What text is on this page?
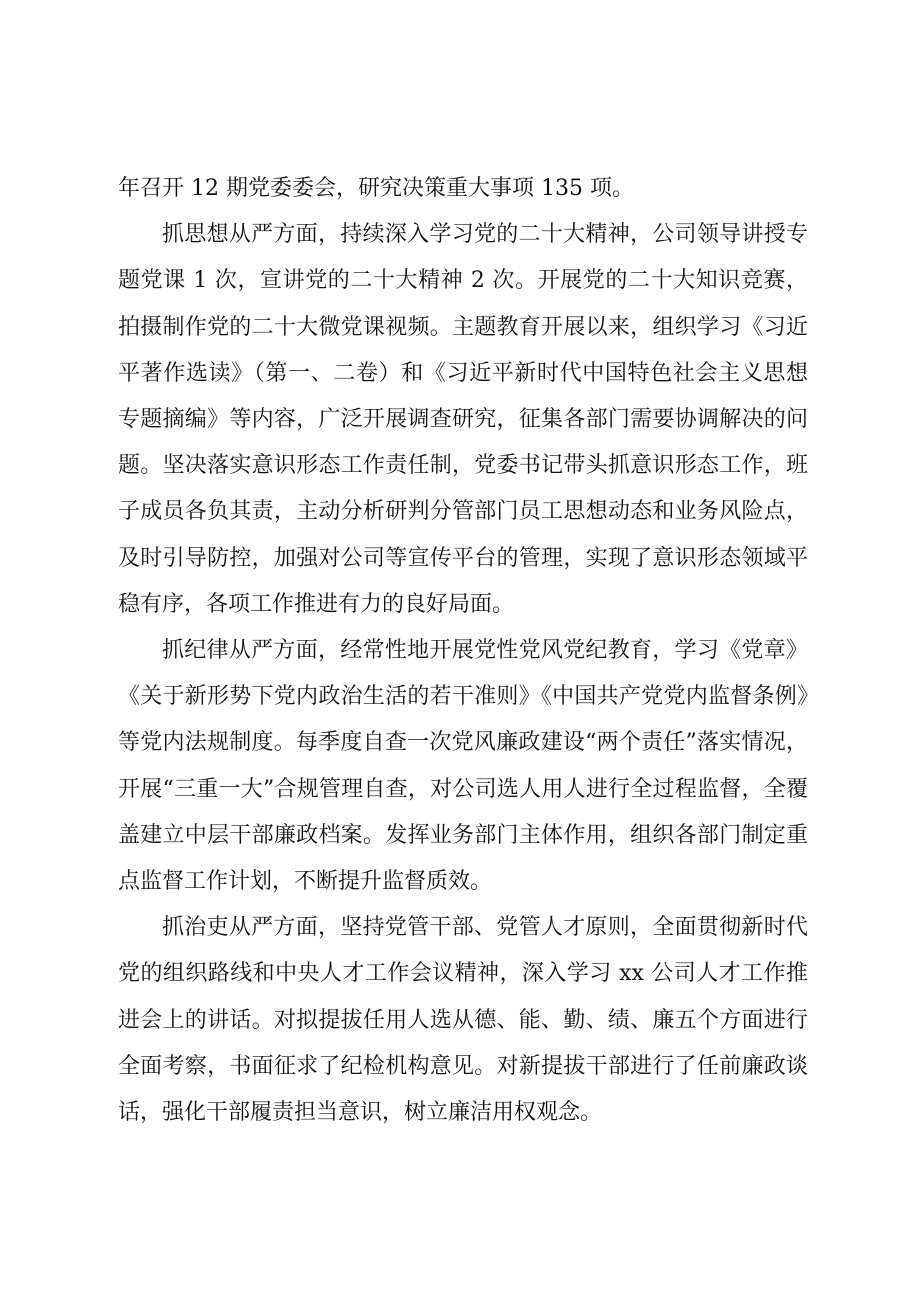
年召开 12 期党委委会，研究决策重大事项 135 项。

抓思想从严方面，持续深入学习党的二十大精神，公司领导讲授专题党课 1 次，宣讲党的二十大精神 2 次。开展党的二十大知识竞赛，拍摄制作党的二十大微党课视频。主题教育开展以来，组织学习《习近平著作选读》（第一、二卷）和《习近平新时代中国特色社会主义思想专题摘编》等内容，广泛开展调查研究，征集各部门需要协调解决的问题。坚决落实意识形态工作责任制，党委书记带头抓意识形态工作，班子成员各负其责，主动分析研判分管部门员工思想动态和业务风险点，及时引导防控，加强对公司等宣传平台的管理，实现了意识形态领域平稳有序，各项工作推进有力的良好局面。

抓纪律从严方面，经常性地开展党性党风党纪教育，学习《党章》《关于新形势下党内政治生活的若干准则》《中国共产党党内监督条例》等党内法规制度。每季度自查一次党风廉政建设“两个责任”落实情况，开展“三重一大”合规管理自查，对公司选人用人进行全过程监督，全覆盖建立中层干部廉政档案。发挥业务部门主体作用，组织各部门制定重点监督工作计划，不断提升监督质效。

抓治吏从严方面，坚持党管干部、党管人才原则，全面贯彻新时代党的组织路线和中央人才工作会议精神，深入学习 xx 公司人才工作推进会上的讲话。对拟提拔任用人选从德、能、勤、绩、廉五个方面进行全面考察，书面征求了纪检机构意见。对新提拔干部进行了任前廉政谈话，强化干部履责担当意识，树立廉洁用权观念。
